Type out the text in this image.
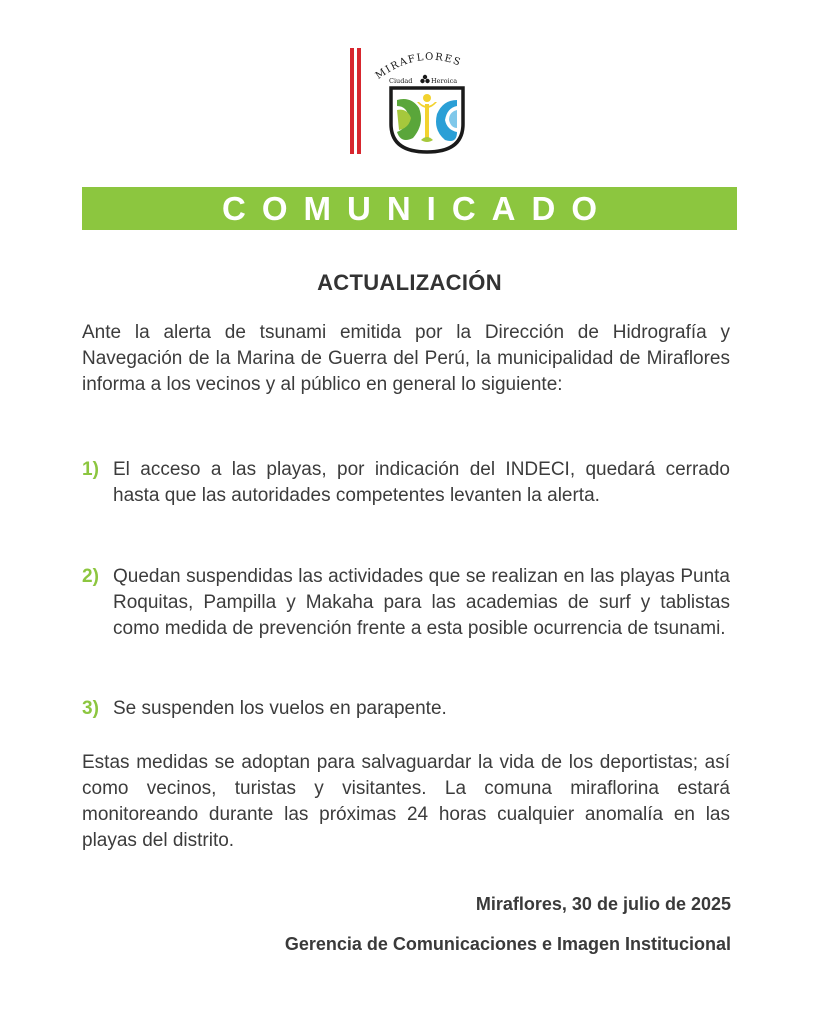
MIRAFLORES
Ciudad	Heroica
COMUNICADO
ACTUALIZACIÓN

Ante la alerta de tsunami emitida por la Dirección de Hidrografía y Navegación de la Marina de Guerra del Perú, la municipalidad de Miraflores informa a los vecinos y al público en general lo siguiente:

1) El acceso a las playas, por indicación del INDECI, quedará cerrado hasta que las autoridades competentes levanten la alerta.
2) Quedan suspendidas las actividades que se realizan en las playas Punta Roquitas, Pampilla y Makaha para las academias de surf y tablistas como medida de prevención frente a esta posible ocurrencia de tsunami.
3) Se suspenden los vuelos en parapente.

Estas medidas se adoptan para salvaguardar la vida de los deportistas; así como vecinos, turistas y visitantes. La comuna miraflorina estará monitoreando durante las próximas 24 horas cualquier anomalía en las playas del distrito.

Miraflores, 30 de julio de 2025
Gerencia de Comunicaciones e Imagen Institucional
